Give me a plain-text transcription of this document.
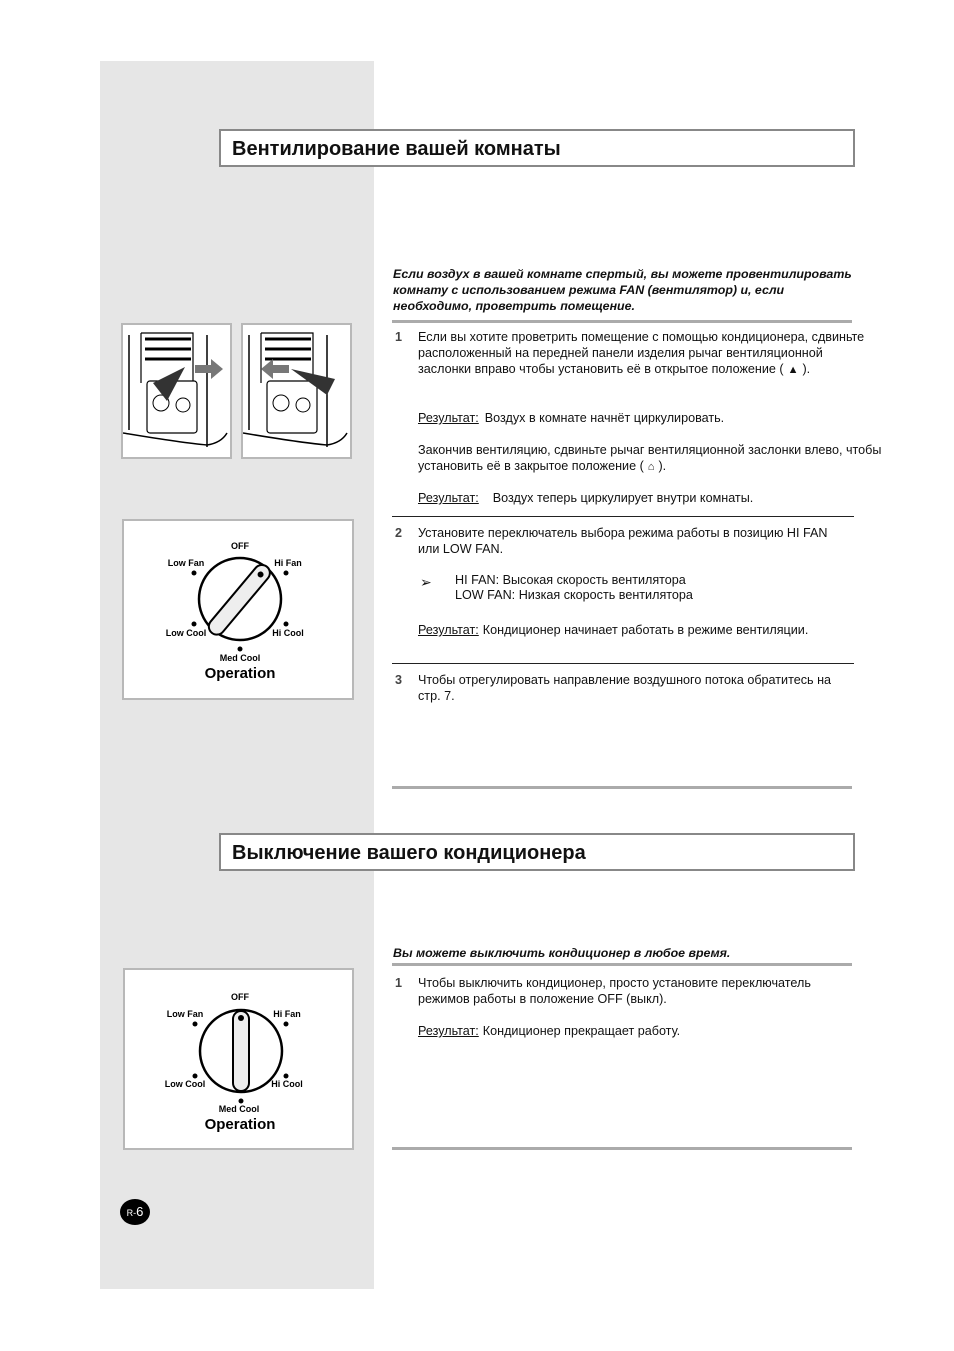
Вентилирование вашей комнаты
Если воздух в вашей комнате спертый, вы можете провентилировать комнату с использованием режима FAN (вентилятор) и, если необходимо, проветрить помещение.
1 Если вы хотите проветрить помещение с помощью кондиционера, сдвиньте расположенный на передней панели изделия рычаг вентиляционной заслонки вправо чтобы установить её в открытое положение ( ▲ ).
Результат: Воздух в комнате начнёт циркулировать.
Закончив вентиляцию, сдвиньте рычаг вентиляционной заслонки влево, чтобы установить её в закрытое положение ( ⌂ ).
Результат: Воздух теперь циркулирует внутри комнаты.
2 Установите переключатель выбора режима работы в позицию HI FAN или LOW FAN.
➢ HI FAN: Высокая скорость вентилятора
LOW FAN: Низкая скорость вентилятора
Результат: Кондиционер начинает работать в режиме вентиляции.
3 Чтобы отрегулировать направление воздушного потока обратитесь на стр. 7.
OFF
Low Fan	Hi Fan
Low Cool	Hi Cool
Med Cool
Operation
Выключение вашего кондиционера
Вы можете выключить кондиционер в любое время.
1 Чтобы выключить кондиционер, просто установите переключатель режимов работы в положение OFF (выкл).
Результат: Кондиционер прекращает работу.
OFF
Low Fan	Hi Fan
Low Cool	Hi Cool
Med Cool
Operation
R-6
